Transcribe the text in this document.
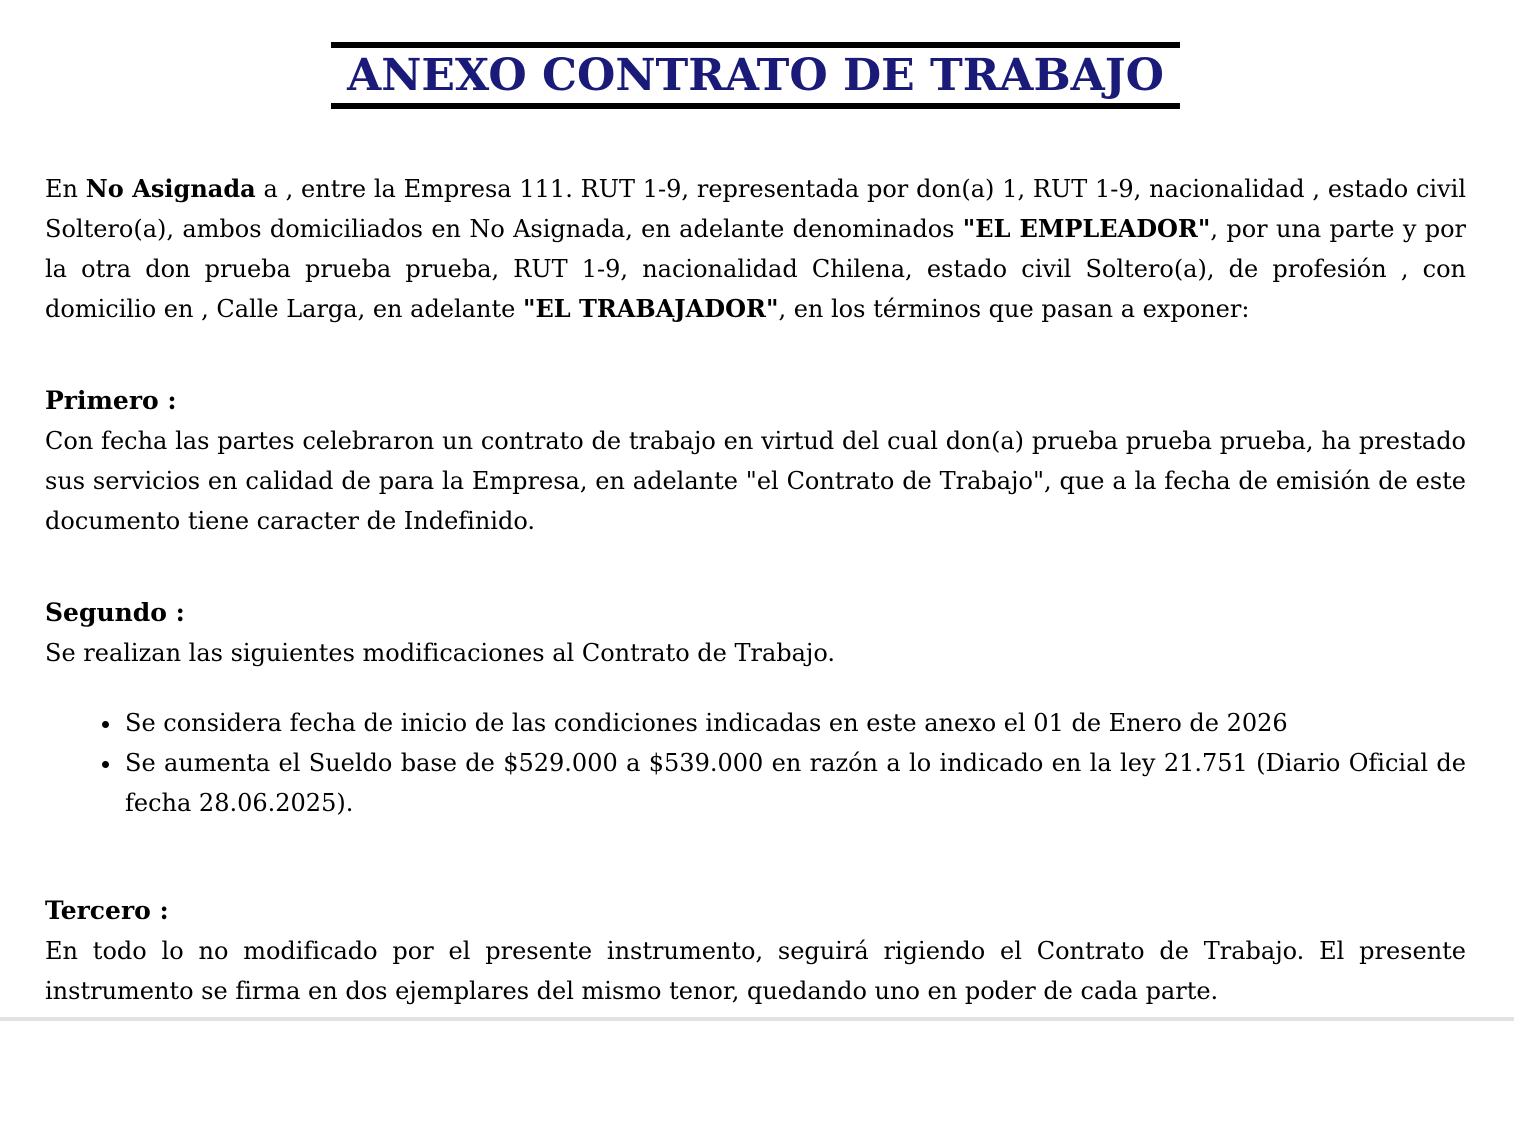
ANEXO CONTRATO DE TRABAJO

En No Asignada a , entre la Empresa 111. RUT 1-9, representada por don(a) 1, RUT 1-9, nacionalidad , estado civil Soltero(a), ambos domiciliados en No Asignada, en adelante denominados "EL EMPLEADOR", por una parte y por la otra don prueba prueba prueba, RUT 1-9, nacionalidad Chilena, estado civil Soltero(a), de profesión , con domicilio en , Calle Larga, en adelante "EL TRABAJADOR", en los términos que pasan a exponer:

Primero :

Con fecha las partes celebraron un contrato de trabajo en virtud del cual don(a) prueba prueba prueba, ha prestado sus servicios en calidad de para la Empresa, en adelante "el Contrato de Trabajo", que a la fecha de emisión de este documento tiene caracter de Indefinido.

Segundo :

Se realizan las siguientes modificaciones al Contrato de Trabajo.

• Se considera fecha de inicio de las condiciones indicadas en este anexo el 01 de Enero de 2026
• Se aumenta el Sueldo base de $529.000 a $539.000 en razón a lo indicado en la ley 21.751 (Diario Oficial de fecha 28.06.2025).

Tercero :

En todo lo no modificado por el presente instrumento, seguirá rigiendo el Contrato de Trabajo. El presente instrumento se firma en dos ejemplares del mismo tenor, quedando uno en poder de cada parte.
